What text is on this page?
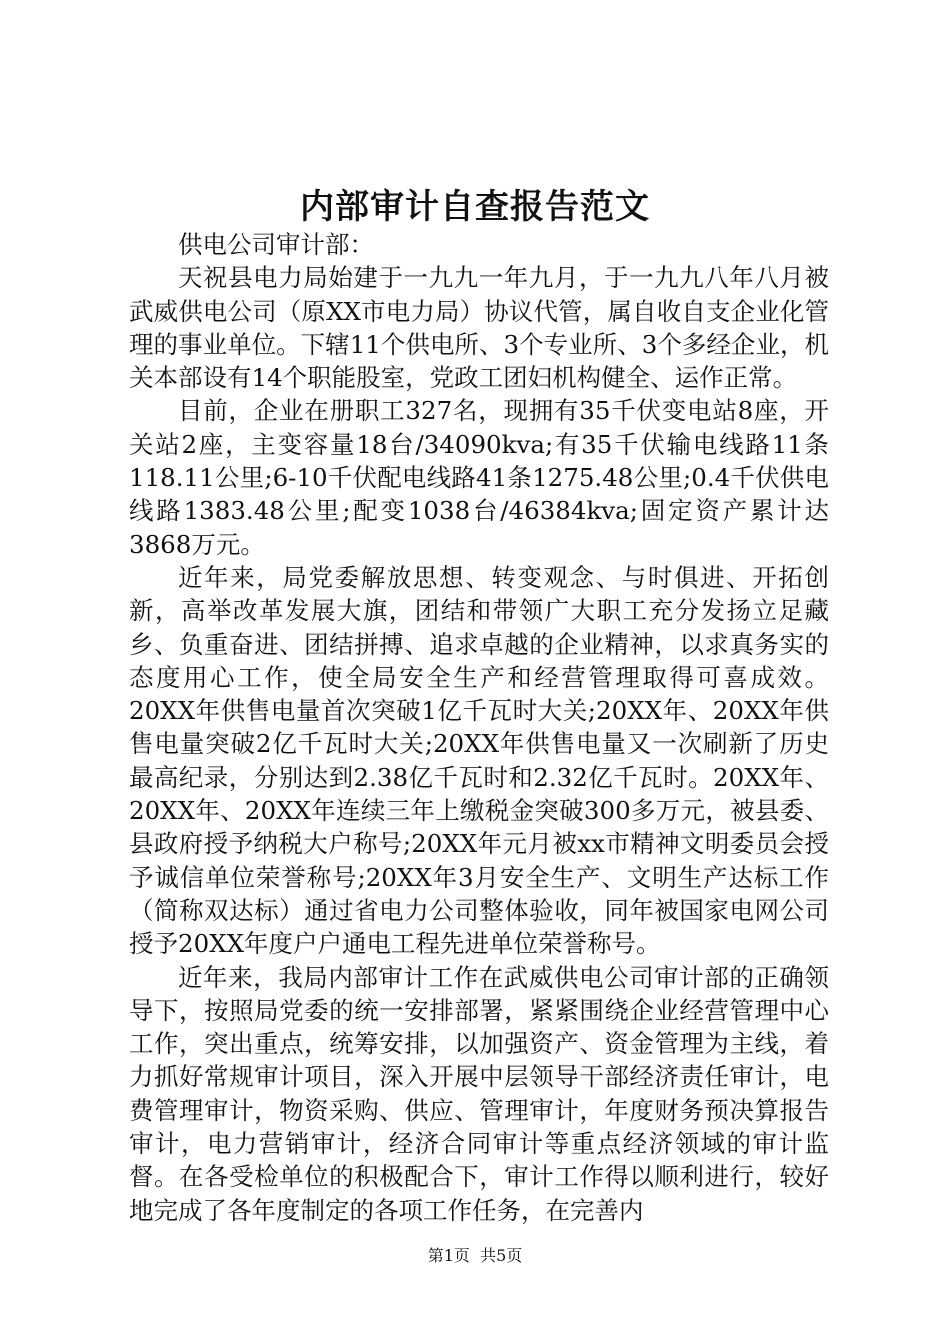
内部审计自查报告范文

供电公司审计部：

天祝县电力局始建于一九九一年九月，于一九九八年八月被武威供电公司（原XX市电力局）协议代管，属自收自支企业化管理的事业单位。下辖11个供电所、3个专业所、3个多经企业，机关本部设有14个职能股室，党政工团妇机构健全、运作正常。

目前，企业在册职工327名，现拥有35千伏变电站8座，开关站2座，主变容量18台/34090kva;有35千伏输电线路11条118.11公里;6-10千伏配电线路41条1275.48公里;0.4千伏供电线路1383.48公里;配变1038台/46384kva;固定资产累计达3868万元。

近年来，局党委解放思想、转变观念、与时俱进、开拓创新，高举改革发展大旗，团结和带领广大职工充分发扬立足藏乡、负重奋进、团结拼搏、追求卓越的企业精神，以求真务实的态度用心工作，使全局安全生产和经营管理取得可喜成效。20XX年供售电量首次突破1亿千瓦时大关;20XX年、20XX年供售电量突破2亿千瓦时大关;20XX年供售电量又一次刷新了历史最高纪录，分别达到2.38亿千瓦时和2.32亿千瓦时。20XX年、20XX年、20XX年连续三年上缴税金突破300多万元，被县委、县政府授予纳税大户称号;20XX年元月被xx市精神文明委员会授予诚信单位荣誉称号;20XX年3月安全生产、文明生产达标工作（简称双达标）通过省电力公司整体验收，同年被国家电网公司授予20XX年度户户通电工程先进单位荣誉称号。

近年来，我局内部审计工作在武威供电公司审计部的正确领导下，按照局党委的统一安排部署，紧紧围绕企业经营管理中心工作，突出重点，统筹安排，以加强资产、资金管理为主线，着力抓好常规审计项目，深入开展中层领导干部经济责任审计，电费管理审计，物资采购、供应、管理审计，年度财务预决算报告审计，电力营销审计，经济合同审计等重点经济领域的审计监督。在各受检单位的积极配合下，审计工作得以顺利进行，较好地完成了各年度制定的各项工作任务，在完善内

第1页  共5页
